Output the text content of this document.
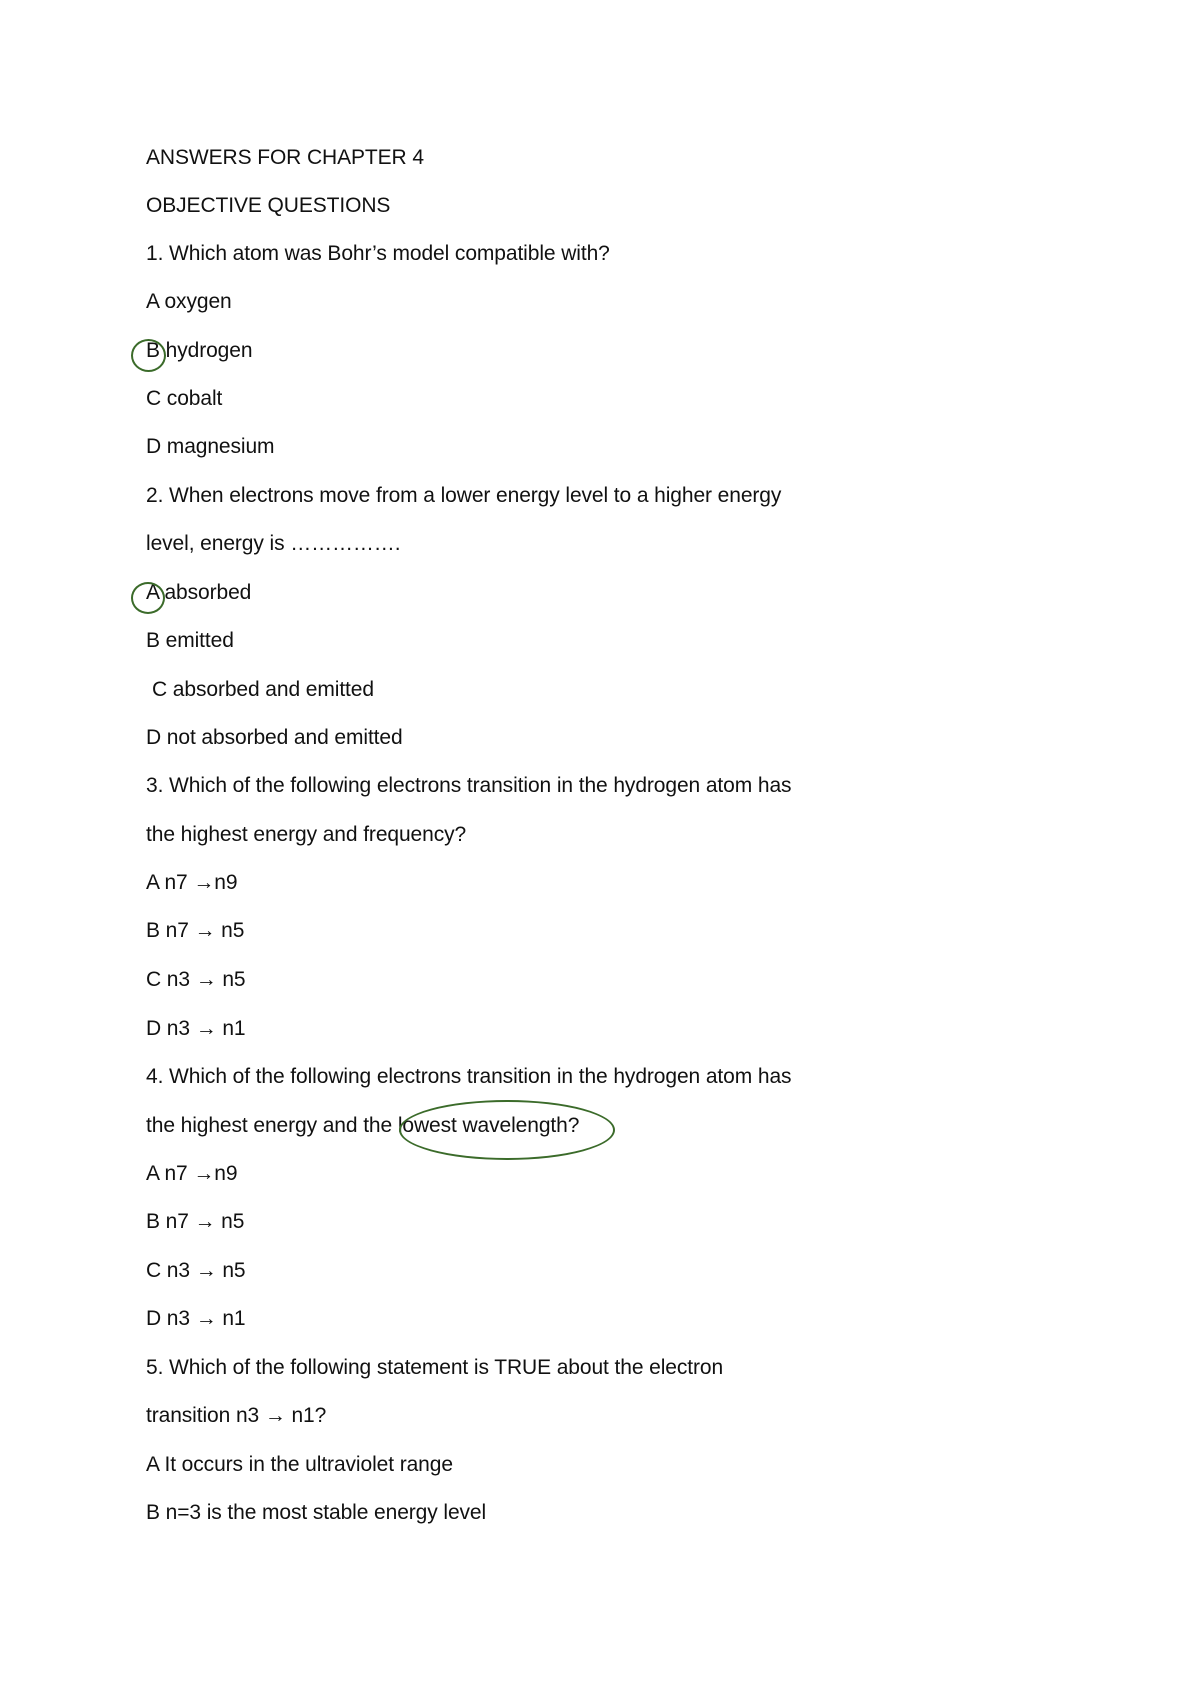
ANSWERS FOR CHAPTER 4
OBJECTIVE QUESTIONS
1. Which atom was Bohr’s model compatible with?
A oxygen
B hydrogen
C cobalt
D magnesium
2. When electrons move from a lower energy level to a higher energy
level, energy is …………….
A absorbed
B emitted
C absorbed and emitted
D not absorbed and emitted
3. Which of the following electrons transition in the hydrogen atom has
the highest energy and frequency?
A n7 →n9
B n7 → n5
C n3 → n5
D n3 → n1
4. Which of the following electrons transition in the hydrogen atom has
the highest energy and the lowest wavelength?
A n7 →n9
B n7 → n5
C n3 → n5
D n3 → n1
5. Which of the following statement is TRUE about the electron
transition n3 → n1?
A It occurs in the ultraviolet range
B n=3 is the most stable energy level
